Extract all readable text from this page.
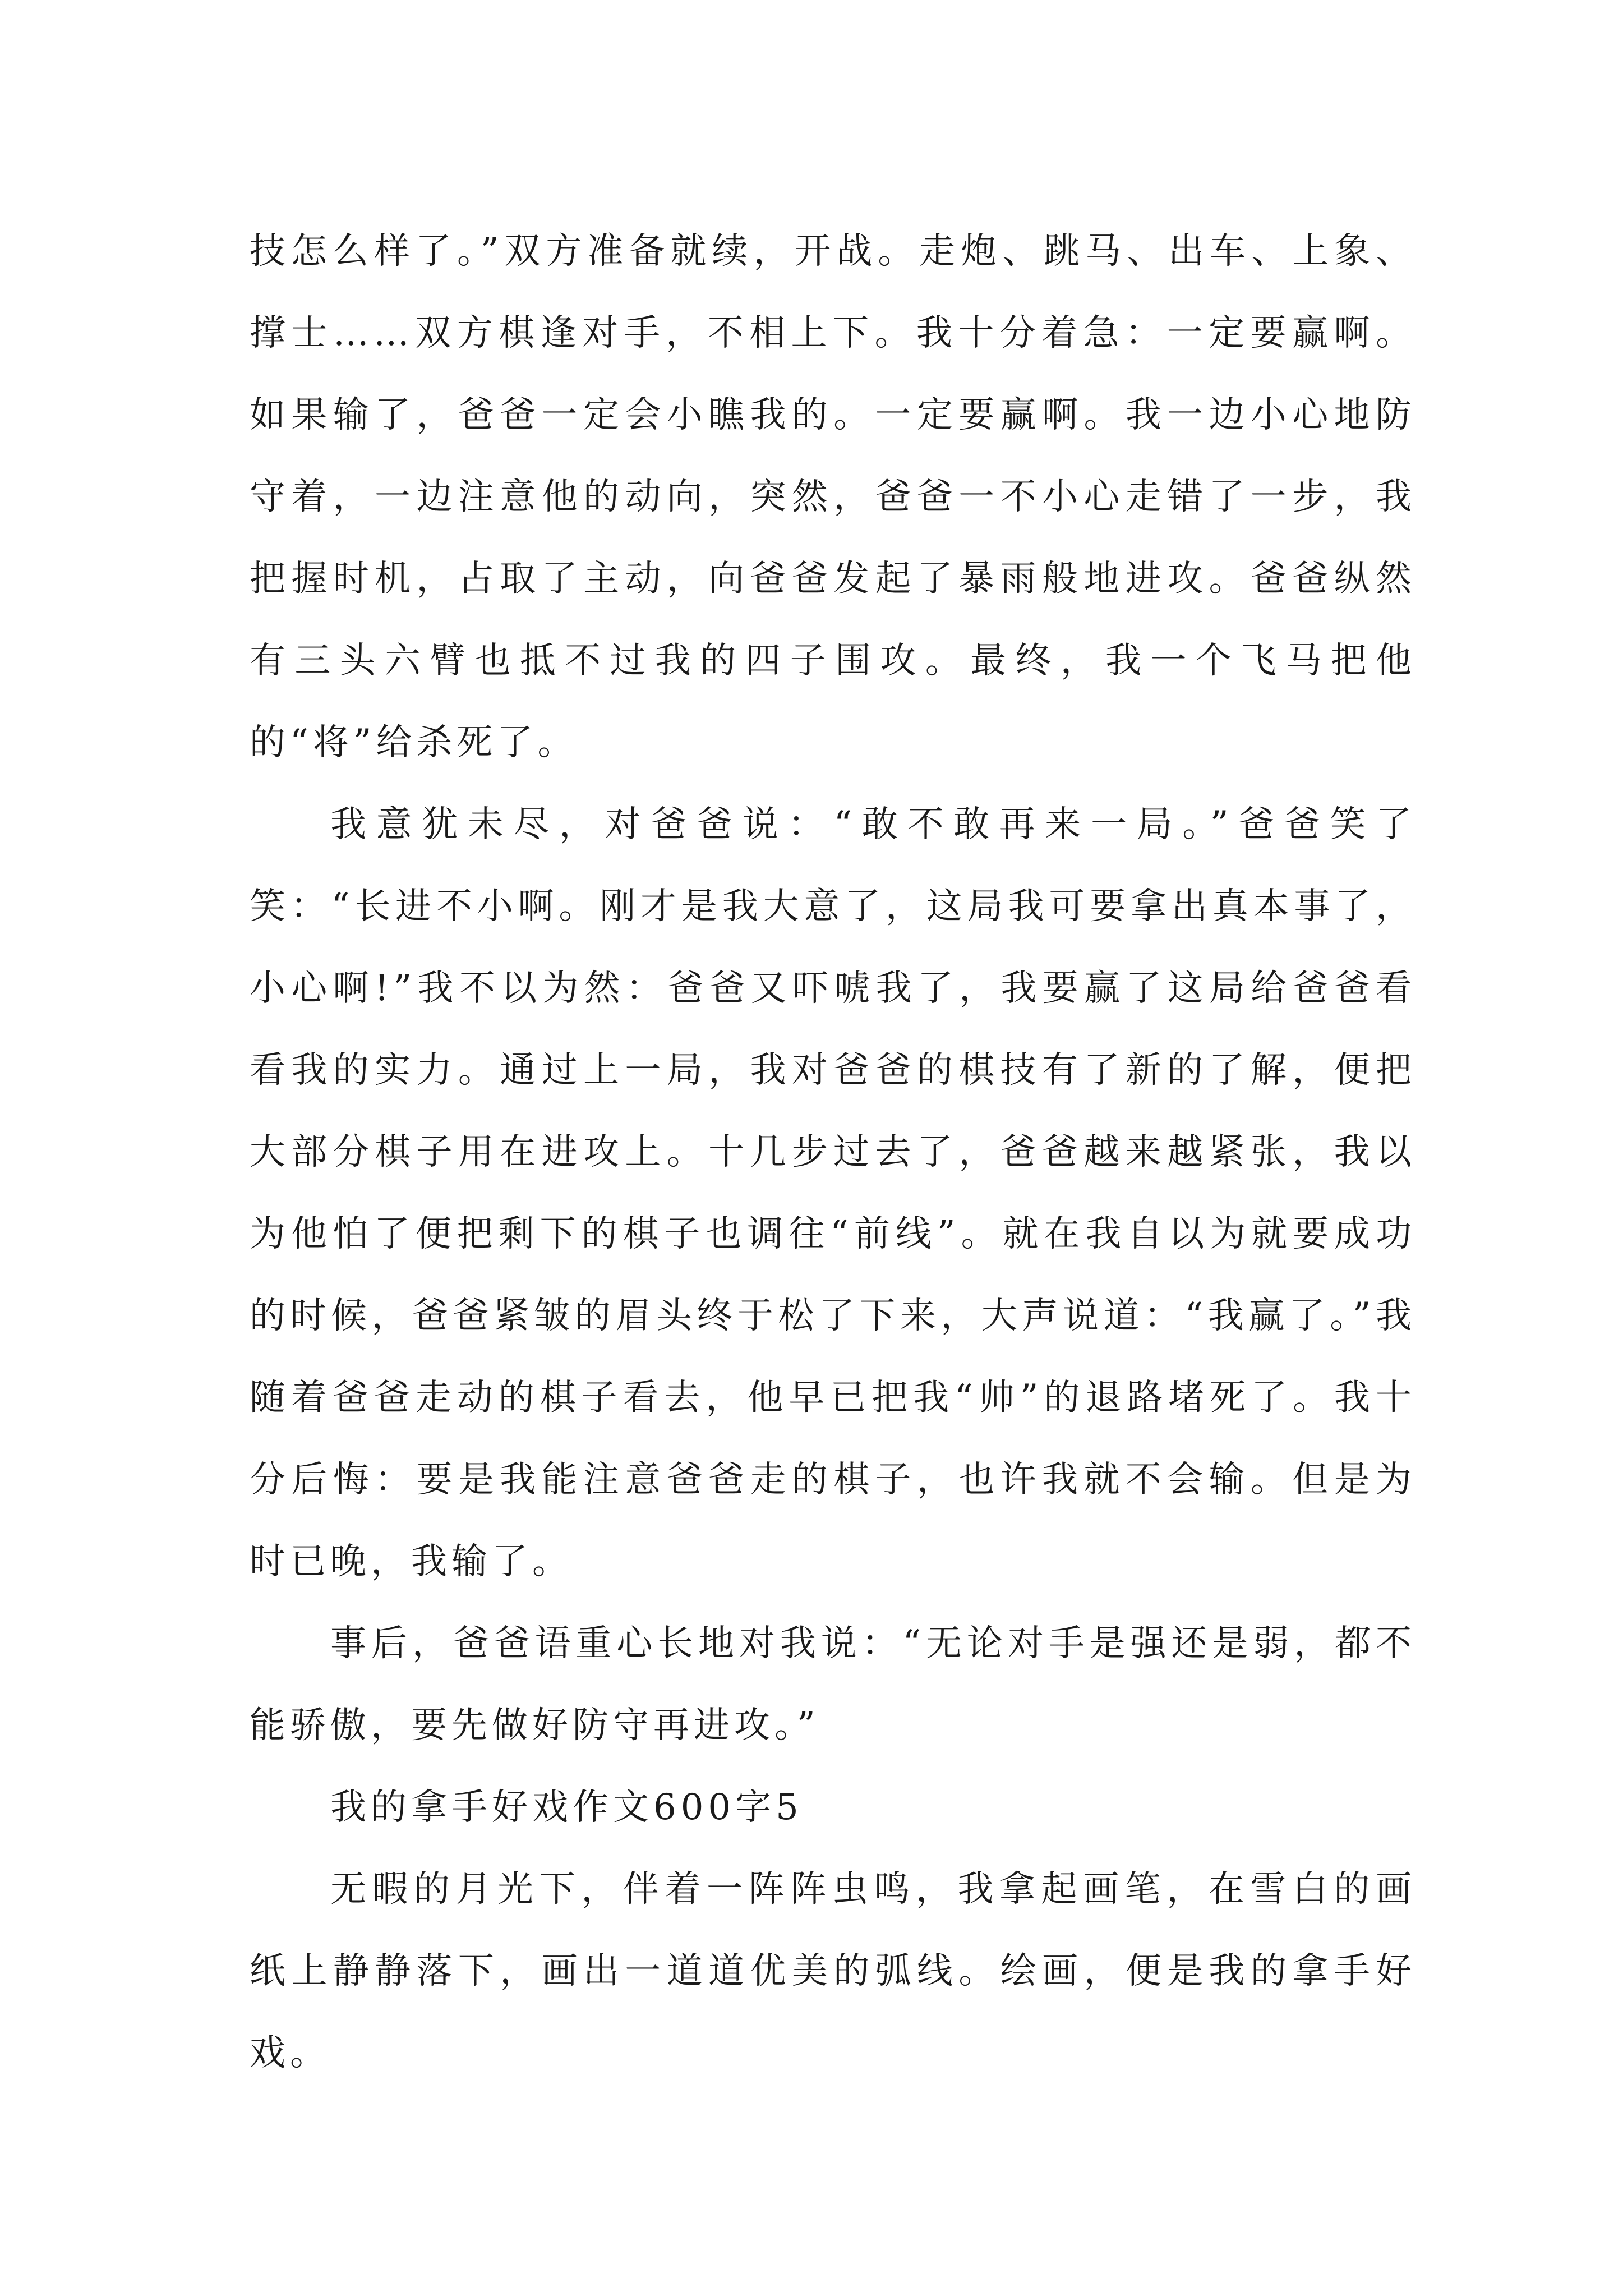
技怎么样了。”双方准备就续，开战。走炮、跳马、出车、上象、撑士……双方棋逢对手，不相上下。我十分着急：一定要赢啊。如果输了，爸爸一定会小瞧我的。一定要赢啊。我一边小心地防守着，一边注意他的动向，突然，爸爸一不小心走错了一步，我把握时机，占取了主动，向爸爸发起了暴雨般地进攻。爸爸纵然有三头六臂也抵不过我的四子围攻。最终，我一个飞马把他的“将”给杀死了。

我意犹未尽，对爸爸说：“敢不敢再来一局。”爸爸笑了笑：“长进不小啊。刚才是我大意了，这局我可要拿出真本事了，小心啊!”我不以为然：爸爸又吓唬我了，我要赢了这局给爸爸看看我的实力。通过上一局，我对爸爸的棋技有了新的了解，便把大部分棋子用在进攻上。十几步过去了，爸爸越来越紧张，我以为他怕了便把剩下的棋子也调往“前线”。就在我自以为就要成功的时候，爸爸紧皱的眉头终于松了下来，大声说道：“我赢了。”我随着爸爸走动的棋子看去，他早已把我“帅”的退路堵死了。我十分后悔：要是我能注意爸爸走的棋子，也许我就不会输。但是为时已晚，我输了。

事后，爸爸语重心长地对我说：“无论对手是强还是弱，都不能骄傲，要先做好防守再进攻。”

我的拿手好戏作文600字5

无暇的月光下，伴着一阵阵虫鸣，我拿起画笔，在雪白的画纸上静静落下，画出一道道优美的弧线。绘画，便是我的拿手好戏。
